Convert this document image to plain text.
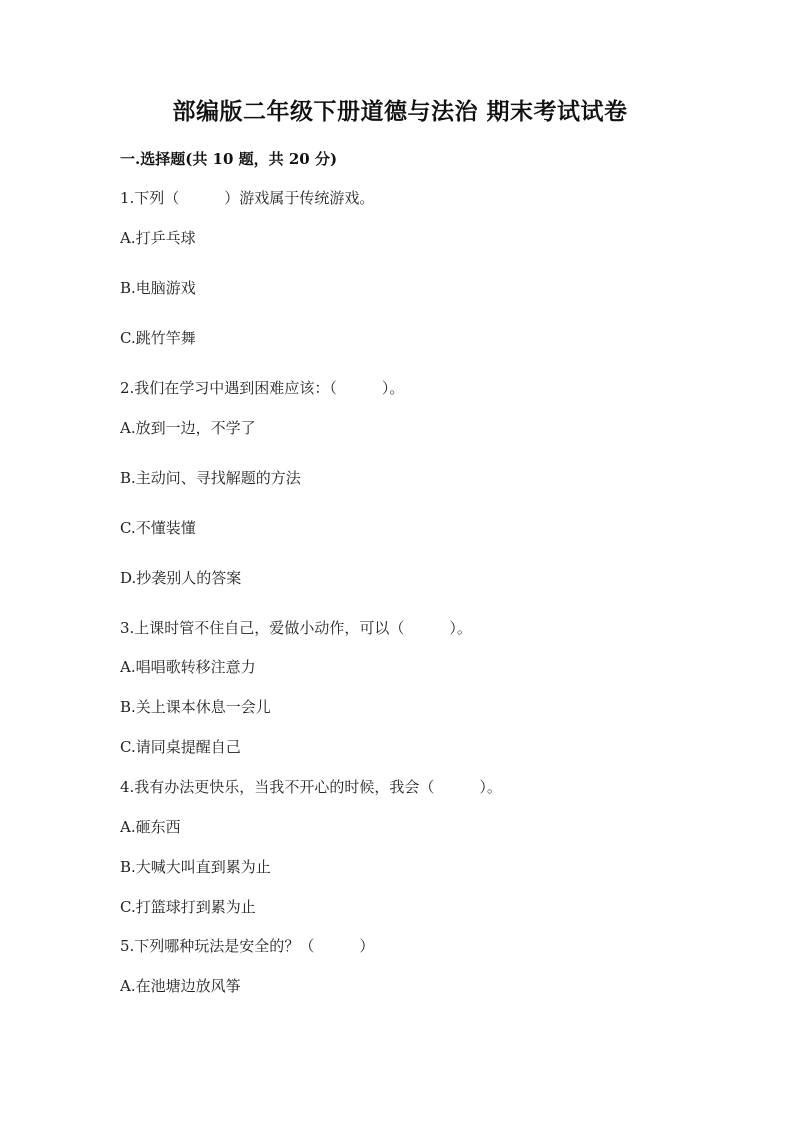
部编版二年级下册道德与法治 期末考试试卷
一.选择题(共 10 题，共 20 分)
1.下列（　　　）游戏属于传统游戏。
A.打乒乓球
B.电脑游戏
C.跳竹竿舞
2.我们在学习中遇到困难应该：（　　　）。
A.放到一边，不学了
B.主动问、寻找解题的方法
C.不懂装懂
D.抄袭别人的答案
3.上课时管不住自己，爱做小动作，可以（　　　）。
A.唱唱歌转移注意力
B.关上课本休息一会儿
C.请同桌提醒自己
4.我有办法更快乐，当我不开心的时候，我会（　　　）。
A.砸东西
B.大喊大叫直到累为止
C.打篮球打到累为止
5.下列哪种玩法是安全的？（　　　）
A.在池塘边放风筝
